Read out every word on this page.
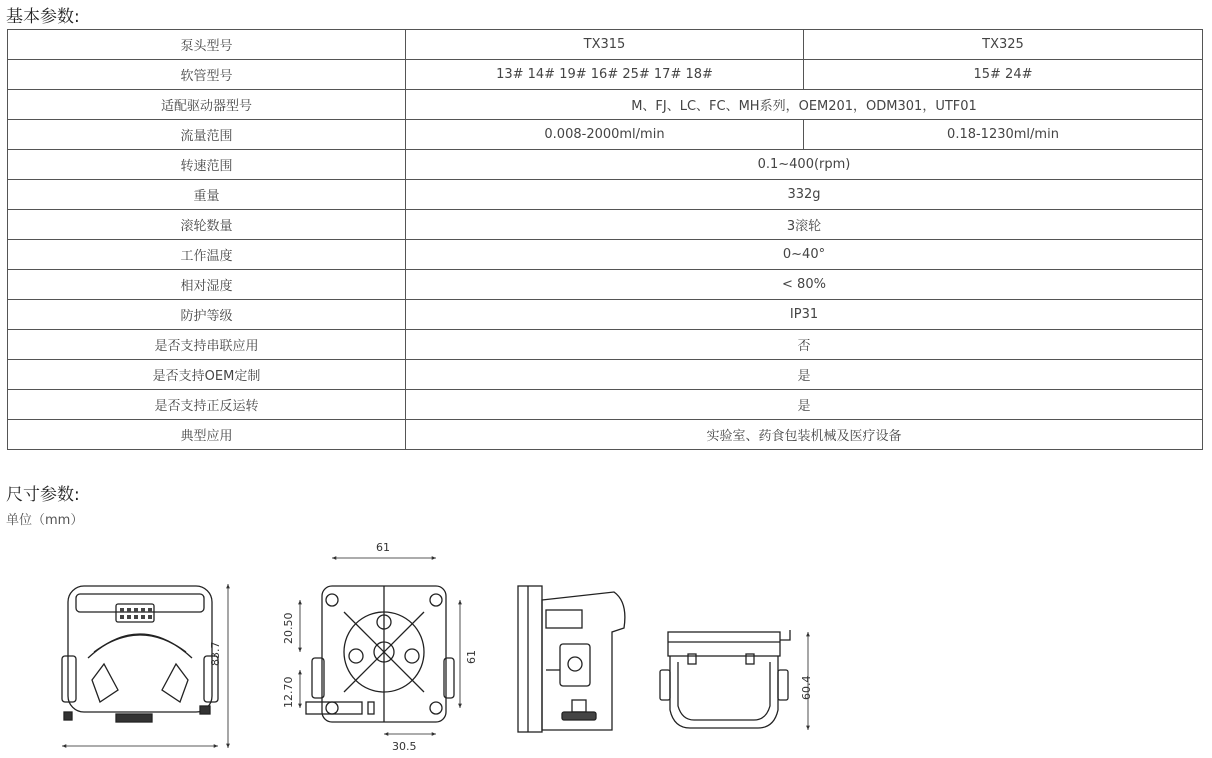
基本参数:
泵头型号	TX315	TX325
软管型号	13# 14# 19# 16# 25# 17# 18#	15# 24#
适配驱动器型号	M、FJ、LC、FC、MH系列，OEM201，ODM301，UTF01	
流量范围	0.008-2000ml/min	0.18-1230ml/min
转速范围	0.1~400(rpm)	
重量	332g	
滚轮数量	3滚轮	
工作温度	0~40°	
相对湿度	< 80%	
防护等级	IP31	
是否支持串联应用	否	
是否支持OEM定制	是	
是否支持正反运转	是	
典型应用	实验室、药食包装机械及医疗设备	
尺寸参数:
单位（mm）
83.7
61
61
20.50
12.70
30.5
60.4
